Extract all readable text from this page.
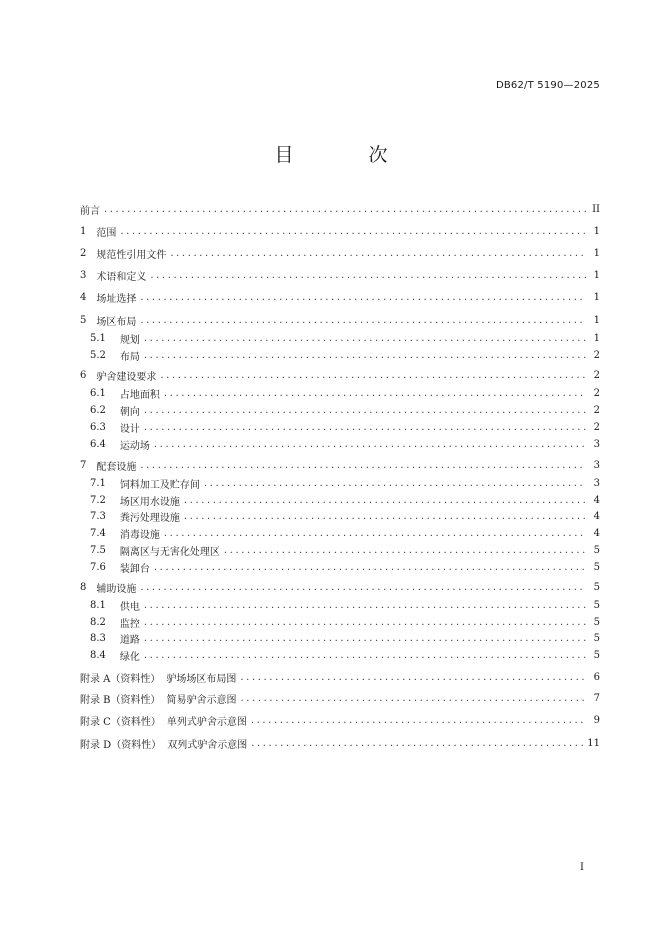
DB62/T 5190—2025
目　次
前言 .....	II
1 范围 .....	1
2 规范性引用文件 .....	1
3 术语和定义 .....	1
4 场址选择 .....	1
5 场区布局 .....	1
5.1 规划 .....	1
5.2 布局 .....	2
6 驴舍建设要求 .....	2
6.1 占地面积 .....	2
6.2 朝向 .....	2
6.3 设计 .....	2
6.4 运动场 .....	3
7 配套设施 .....	3
7.1 饲料加工及贮存间 .....	3
7.2 场区用水设施 .....	4
7.3 粪污处理设施 .....	4
7.4 消毒设施 .....	4
7.5 隔离区与无害化处理区 .....	5
7.6 装卸台 .....	5
8 辅助设施 .....	5
8.1 供电 .....	5
8.2 监控 .....	5
8.3 道路 .....	5
8.4 绿化 .....	5
附录 A（资料性） 驴场场区布局图 .....	6
附录 B（资料性） 简易驴舍示意图 .....	7
附录 C（资料性） 单列式驴舍示意图 .....	9
附录 D（资料性） 双列式驴舍示意图 .....	11
I
